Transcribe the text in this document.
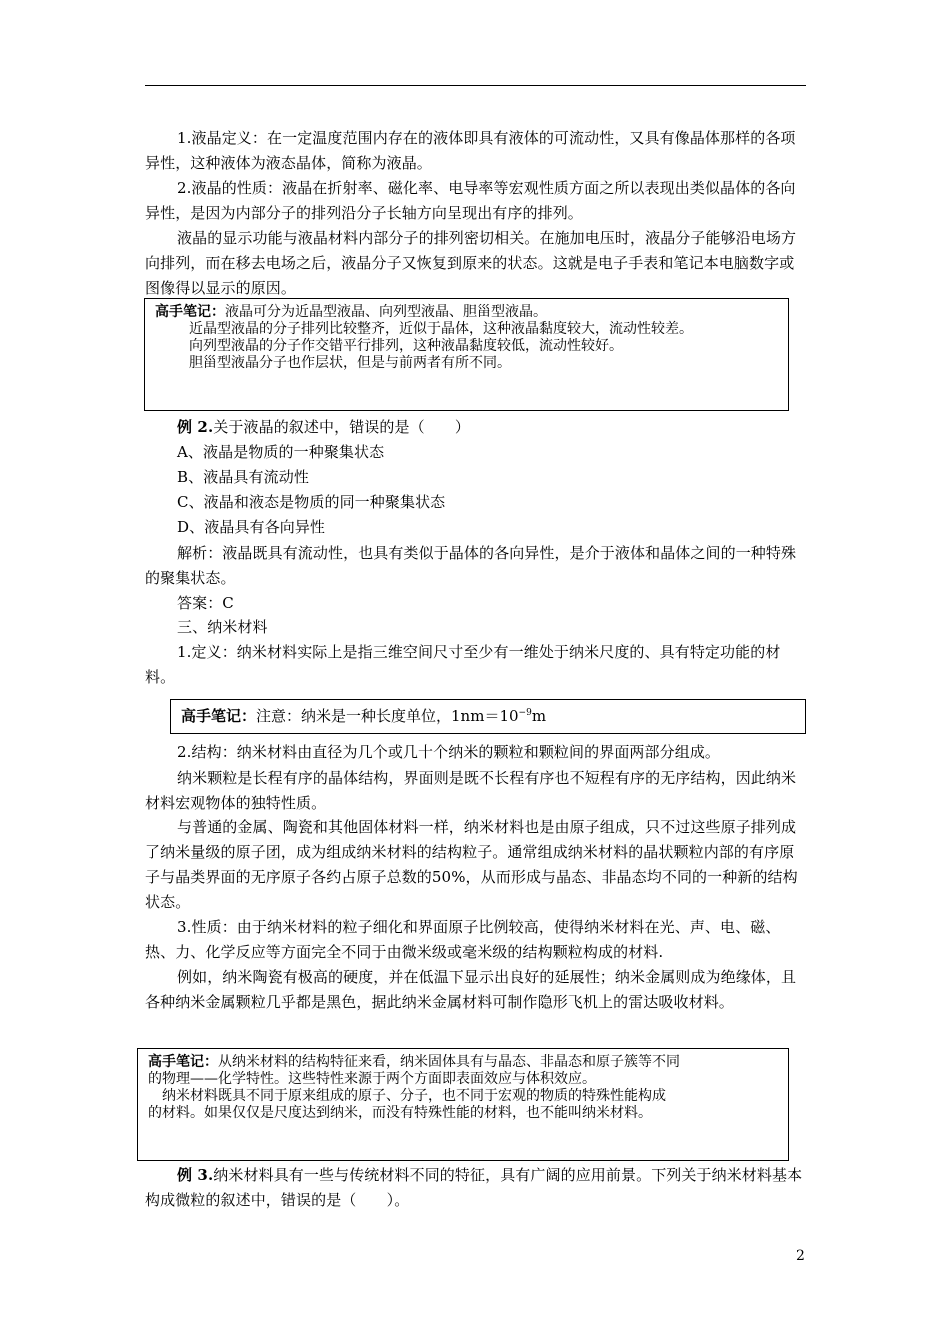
1.液晶定义：在一定温度范围内存在的液体即具有液体的可流动性，又具有像晶体那样的各项异性，这种液体为液态晶体，简称为液晶。
2.液晶的性质：液晶在折射率、磁化率、电导率等宏观性质方面之所以表现出类似晶体的各向异性，是因为内部分子的排列沿分子长轴方向呈现出有序的排列。
液晶的显示功能与液晶材料内部分子的排列密切相关。在施加电压时，液晶分子能够沿电场方向排列，而在移去电场之后，液晶分子又恢复到原来的状态。这就是电子手表和笔记本电脑数字或图像得以显示的原因。
高手笔记：液晶可分为近晶型液晶、向列型液晶、胆甾型液晶。
近晶型液晶的分子排列比较整齐，近似于晶体，这种液晶黏度较大，流动性较差。
向列型液晶的分子作交错平行排列，这种液晶黏度较低，流动性较好。
胆甾型液晶分子也作层状，但是与前两者有所不同。
例 2.关于液晶的叙述中，错误的是（　　）
A、液晶是物质的一种聚集状态
B、液晶具有流动性
C、液晶和液态是物质的同一种聚集状态
D、液晶具有各向异性
解析：液晶既具有流动性，也具有类似于晶体的各向异性，是介于液体和晶体之间的一种特殊的聚集状态。
答案：C
三、纳米材料
1.定义：纳米材料实际上是指三维空间尺寸至少有一维处于纳米尺度的、具有特定功能的材料。
高手笔记：注意：纳米是一种长度单位，$1nm=10^{-9}m$
2.结构：纳米材料由直径为几个或几十个纳米的颗粒和颗粒间的界面两部分组成。
纳米颗粒是长程有序的晶体结构，界面则是既不长程有序也不短程有序的无序结构，因此纳米材料宏观物体的独特性质。
与普通的金属、陶瓷和其他固体材料一样，纳米材料也是由原子组成，只不过这些原子排列成了纳米量级的原子团，成为组成纳米材料的结构粒子。通常组成纳米材料的晶状颗粒内部的有序原子与晶类界面的无序原子各约占原子总数的50%，从而形成与晶态、非晶态均不同的一种新的结构状态。
3.性质：由于纳米材料的粒子细化和界面原子比例较高，使得纳米材料在光、声、电、磁、热、力、化学反应等方面完全不同于由微米级或毫米级的结构颗粒构成的材料.
例如，纳米陶瓷有极高的硬度，并在低温下显示出良好的延展性；纳米金属则成为绝缘体，且各种纳米金属颗粒几乎都是黑色，据此纳米金属材料可制作隐形飞机上的雷达吸收材料。
高手笔记：从纳米材料的结构特征来看，纳米固体具有与晶态、非晶态和原子簇等不同
的物理——化学特性。这些特性来源于两个方面即表面效应与体积效应。
纳米材料既具不同于原来组成的原子、分子，也不同于宏观的物质的特殊性能构成
的材料。如果仅仅是尺度达到纳米，而没有特殊性能的材料，也不能叫纳米材料。
例 3.纳米材料具有一些与传统材料不同的特征，具有广阔的应用前景。下列关于纳米材料基本构成微粒的叙述中，错误的是（　　）。
2
